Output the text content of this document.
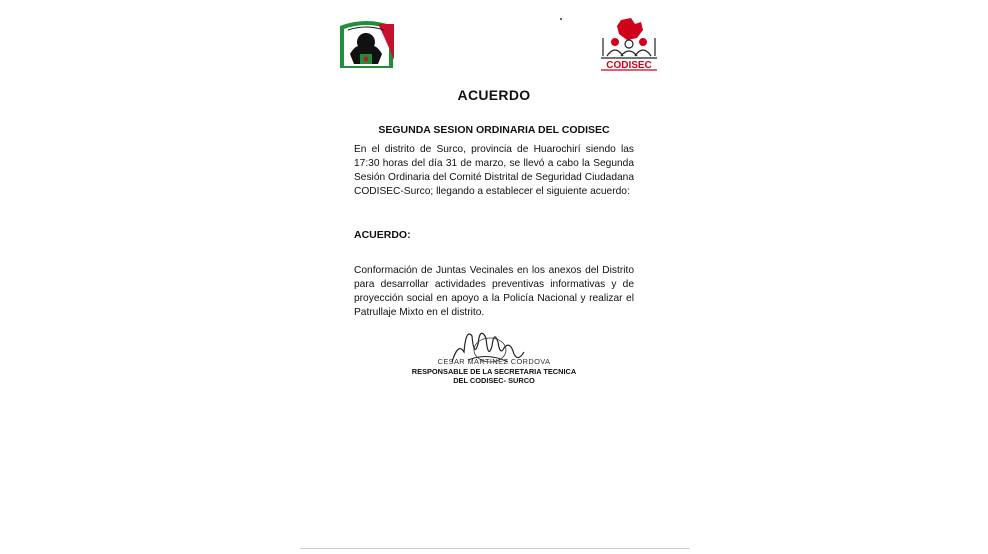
CODISEC
ACUERDO
SEGUNDA SESION ORDINARIA DEL CODISEC

En el distrito de Surco, provincia de Huarochirí siendo las 17:30 horas del día 31 de marzo, se llevó a cabo la Segunda Sesión Ordinaria del Comité Distrital de Seguridad Ciudadana CODISEC-Surco; llegando a establecer el siguiente acuerdo:

ACUERDO:

Conformación de Juntas Vecinales en los anexos del Distrito para desarrollar actividades preventivas informativas y de proyección social en apoyo a la Policía Nacional y realizar el Patrullaje Mixto en el distrito.

CESAR MARTINEZ CORDOVA
RESPONSABLE DE LA SECRETARIA TECNICA
DEL CODISEC- SURCO
